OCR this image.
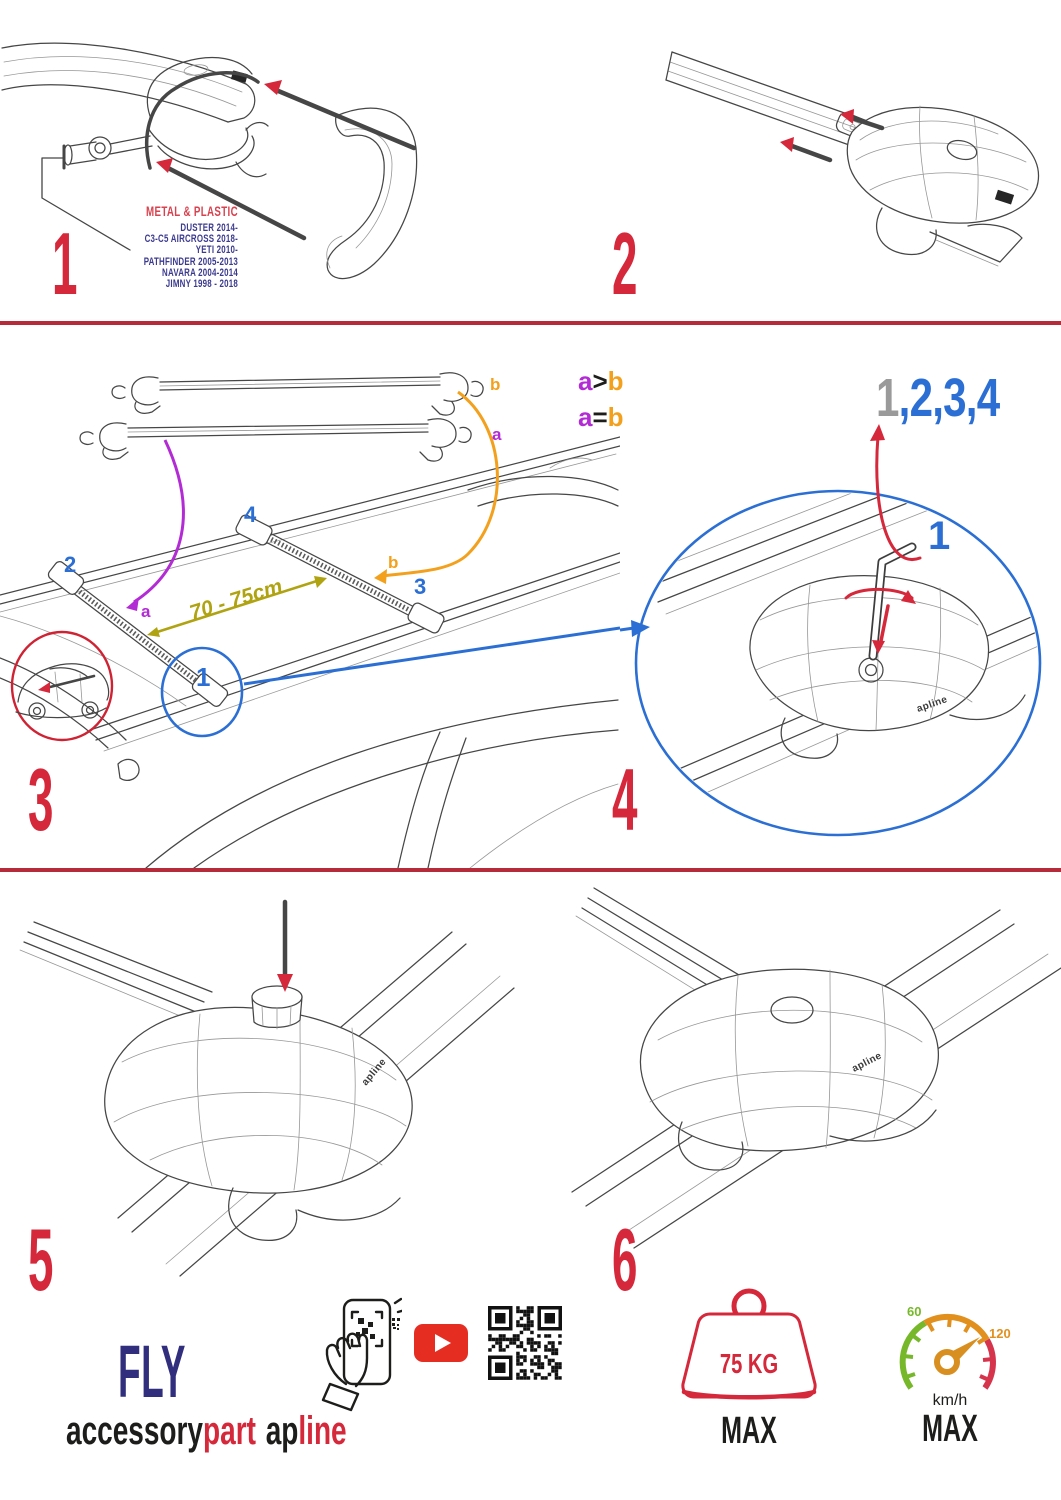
METAL & PLASTIC
DUSTER 2014-
C3-C5 AIRCROSS 2018-
YETI 2010-
PATHFINDER 2005-2013
NAVARA 2004-2014
JIMNY 1998 - 2018
1	2
b
a
b
a 70 - 75cm
2
4
3
1
a>b
a=b
3
apline
1,2,3,4
1
4
apline
5
apline
6
FLY
accessorypart apline
75 KG
MAX
60
120
km/h
MAX
